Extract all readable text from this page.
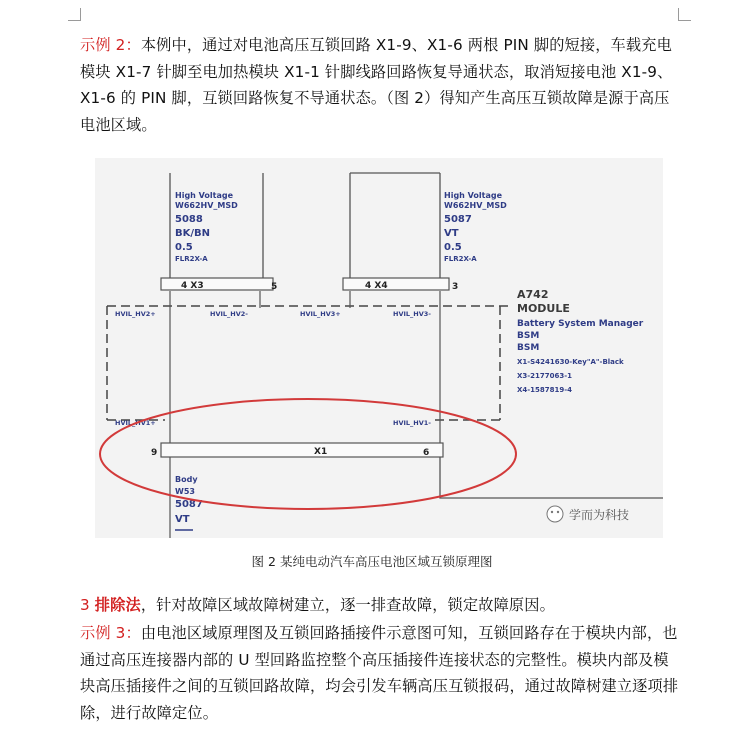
示例 2：本例中，通过对电池高压互锁回路 X1-9、X1-6 两根 PIN 脚的短接，车载充电模块 X1-7 针脚至电加热模块 X1-1 针脚线路回路恢复导通状态，取消短接电池 X1-9、X1-6 的 PIN 脚，互锁回路恢复不导通状态。（图 2）得知产生高压互锁故障是源于高压电池区域。
High Voltage
W662HV_MSD
5088
BK/BN
0.5
FLR2X-A
4 X3	5
High Voltage
W662HV_MSD
5087
VT
0.5
FLR2X-A
4 X4	3
A742
MODULE
Battery System Manager
BSM
BSM
X1-S4241630-Key"A"-Black
X3-2177063-1
X4-1587819-4
HVIL_HV2+	HVIL_HV2-	HVIL_HV3+	HVIL_HV3-
HVIL_HV1+	HVIL_HV1-
X1
9	6
Body
W53
5087
VT	学而为科技
图 2 某纯电动汽车高压电池区域互锁原理图
3 排除法，针对故障区域故障树建立，逐一排查故障，锁定故障原因。
示例 3：由电池区域原理图及互锁回路插接件示意图可知，互锁回路存在于模块内部，也通过高压连接器内部的 U 型回路监控整个高压插接件连接状态的完整性。模块内部及模块高压插接件之间的互锁回路故障，均会引发车辆高压互锁报码，通过故障树建立逐项排除，进行故障定位。
